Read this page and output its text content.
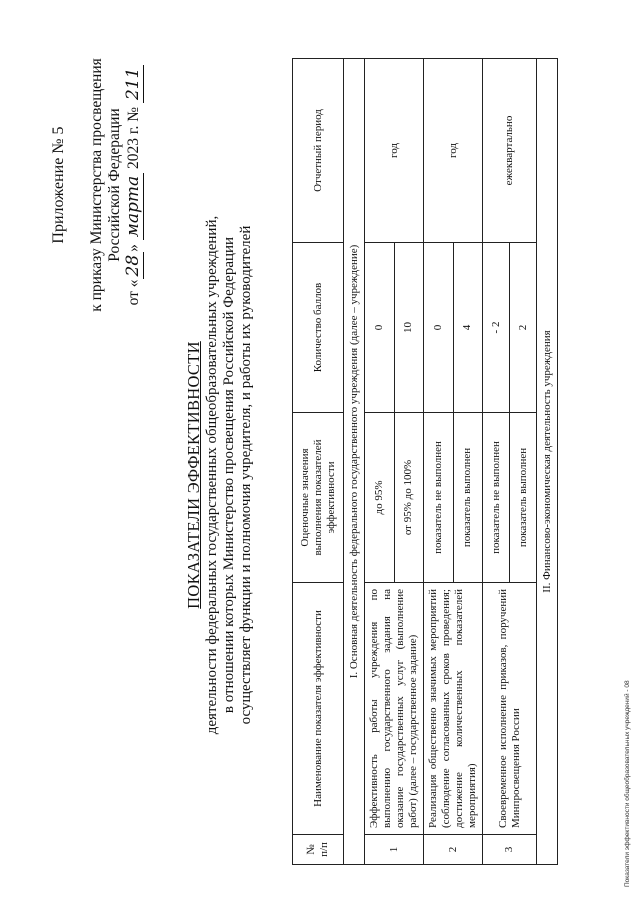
Приложение № 5 к приказу Министерства просвещения Российской Федерации
от «28» марта 2023 г. № 211
ПОКАЗАТЕЛИ ЭФФЕКТИВНОСТИ деятельности федеральных государственных общеобразовательных учреждений, в отношении которых Министерство просвещения Российской Федерации осуществляет функции и полномочия учредителя, и работы их руководителей
№ п/п	Наименование показателя эффективности	Оценочные значения выполнения показателей эффективности	Количество баллов	Отчетный период
I. Основная деятельность федерального государственного учреждения (далее – учреждение)				
1	Эффективность работы учреждения по выполнению государственного задания на оказание государственных услуг (выполнение работ) (далее – государственное задание)	до 95%	0	год
		от 95% до 100%	10	
2	Реализация общественно значимых мероприятий (соблюдение согласованных сроков проведения; достижение количественных показателей мероприятия)	показатель не выполнен	0	год
		показатель выполнен	4	
3	Своевременное исполнение приказов, поручений Минпросвещения России	показатель не выполнен	- 2	ежеквартально
		показатель выполнен	2	
II. Финансово-экономическая деятельность учреждения				
Показатели эффективности общеобразовательных учреждений - 08
